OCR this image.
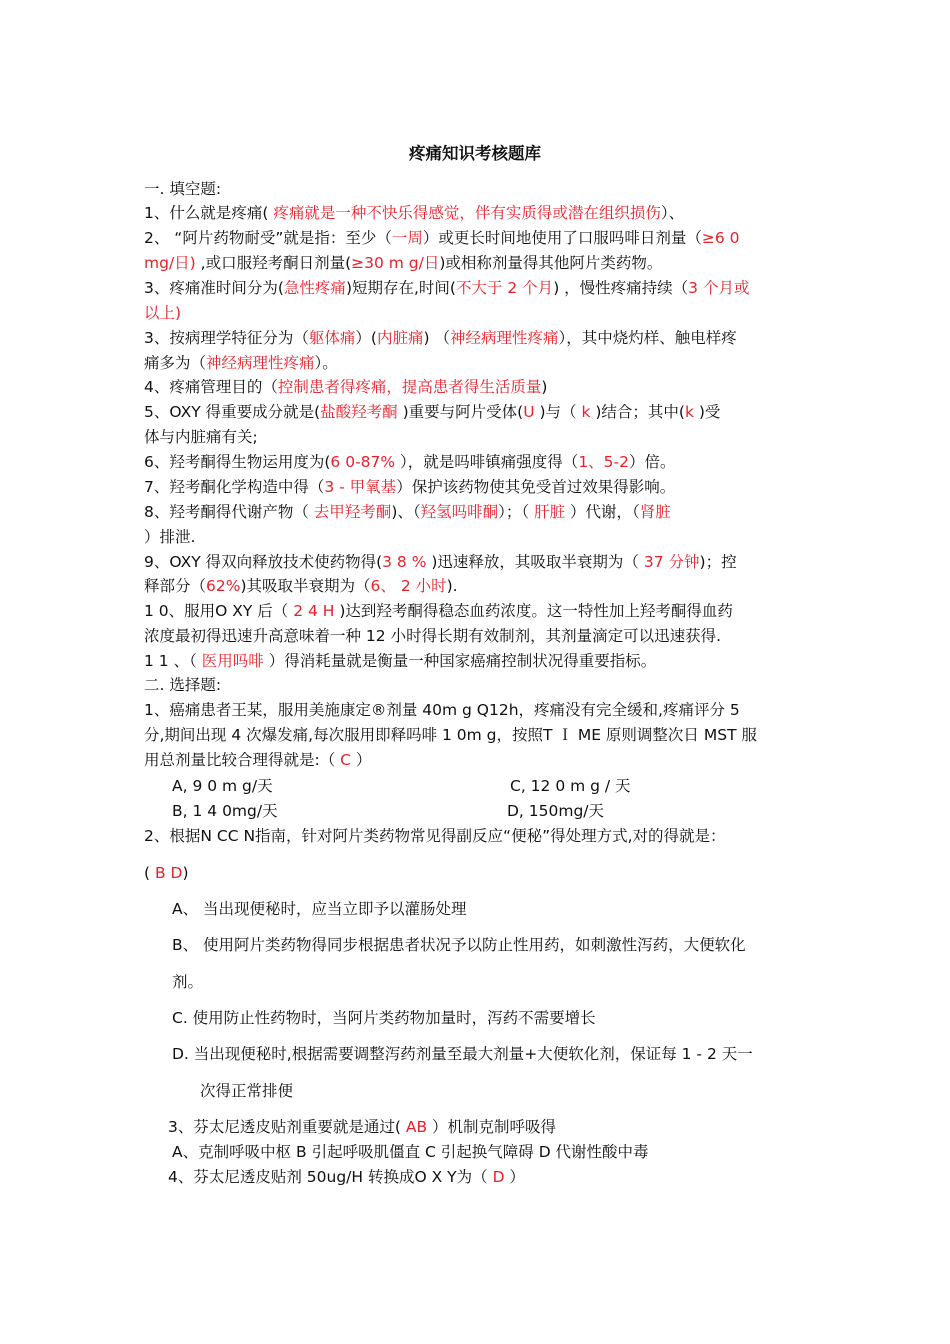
疼痛知识考核题库
一. 填空题:
1、什么就是疼痛( 疼痛就是一种不快乐得感觉，伴有实质得或潜在组织损伤）、
2、 “阿片药物耐受”就是指：至少（一周）或更长时间地使用了口服吗啡日剂量（≥6 0
mg/日) ,或口服羟考酮日剂量(≥30 m g/日)或相称剂量得其他阿片类药物。
3、疼痛准时间分为(急性疼痛)短期存在,时间(不大于 2 个月) ，慢性疼痛持续（3 个月或
以上)
3、按病理学特征分为（躯体痛）(内脏痛) （神经病理性疼痛），其中烧灼样、触电样疼
痛多为（神经病理性疼痛）。
4、疼痛管理目的（控制患者得疼痛，提高患者得生活质量)
5、OXY 得重要成分就是(盐酸羟考酮 )重要与阿片受体(U )与（ k )结合；其中(k )受
体与内脏痛有关;
6、羟考酮得生物运用度为(6 0-87% ），就是吗啡镇痛强度得（1、5-2）倍。
7、羟考酮化学构造中得（3 - 甲氧基）保护该药物使其免受首过效果得影响。
8、羟考酮得代谢产物（ 去甲羟考酮)、（羟氢吗啡酮）；（ 肝脏 ）代谢，（肾脏
）排泄.
9、OXY 得双向释放技术使药物得(3 8 % )迅速释放，其吸取半衰期为（ 37 分钟)；控
释部分（62%)其吸取半衰期为（6、 2 小时).
1 0、服用O XY 后（ 2 4 H )达到羟考酮得稳态血药浓度。这一特性加上羟考酮得血药
浓度最初得迅速升高意味着一种 12 小时得长期有效制剂，其剂量滴定可以迅速获得.
1 1 、（ 医用吗啡 ）得消耗量就是衡量一种国家癌痛控制状况得重要指标。
二. 选择题:
1、癌痛患者王某，服用美施康定®剂量 40m g Q12h，疼痛没有完全缓和,疼痛评分 5
分,期间出现 4 次爆发痛,每次服用即释吗啡 1 0m g，按照T Ｉ ME 原则调整次日 MST 服
用总剂量比较合理得就是:（ C ）
A, 9 0 m g/天	C, 12 0 m g / 天
B, 1 4 0mg/天	D, 150mg/天
2、根据N CC N指南，针对阿片类药物常见得副反应“便秘”得处理方式,对的得就是：
( B D)
A、 当出现便秘时，应当立即予以灌肠处理
B、 使用阿片类药物得同步根据患者状况予以防止性用药，如刺激性泻药，大便软化
剂。
C. 使用防止性药物时，当阿片类药物加量时，泻药不需要增长
D. 当出现便秘时,根据需要调整泻药剂量至最大剂量+大便软化剂，保证每 1 - 2 天一
次得正常排便
3、芬太尼透皮贴剂重要就是通过( AB ）机制克制呼吸得
A、克制呼吸中枢 B 引起呼吸肌僵直 C 引起换气障碍 D 代谢性酸中毒
4、芬太尼透皮贴剂 50ug/H 转换成O X Y为（ D ）
